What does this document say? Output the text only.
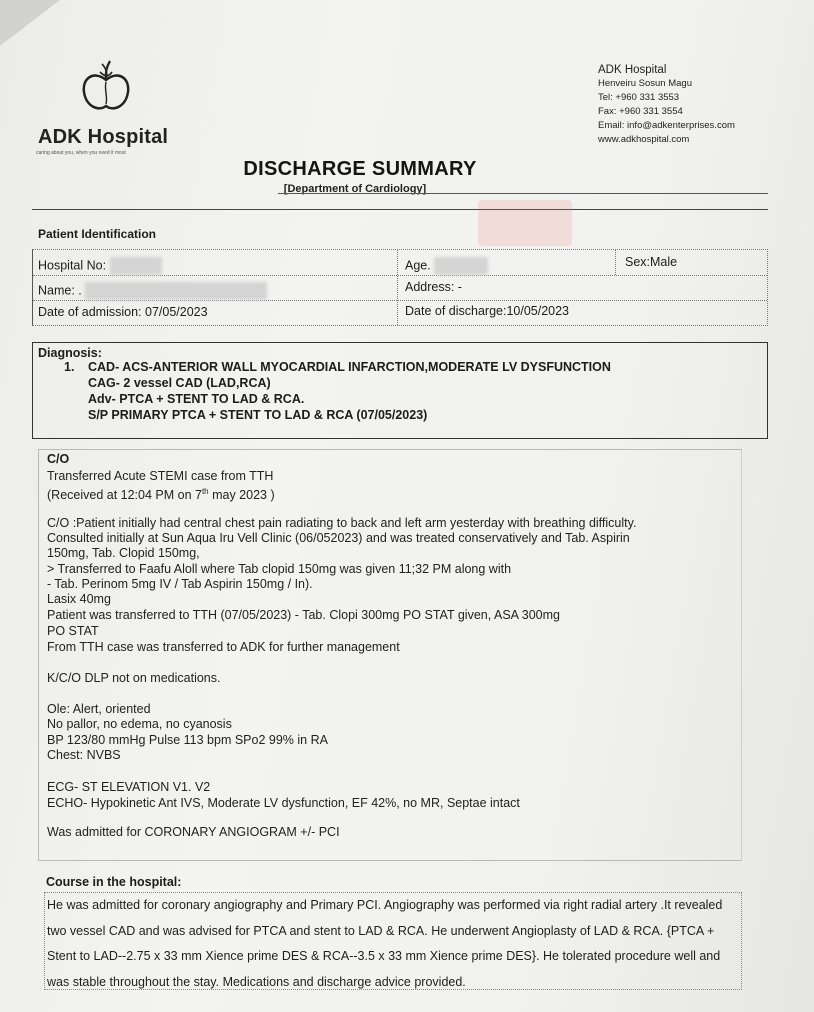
ADK Hospital
caring about you, when you need it most
ADK Hospital
Henveiru Sosun Magu
Tel: +960 331 3553
Fax: +960 331 3554
Email: info@adkenterprises.com
www.adkhospital.com
DISCHARGE SUMMARY
[Department of Cardiology]
Patient Identification
Hospital No:	Age.	Sex:Male
Name: .	Address: -
Date of admission: 07/05/2023	Date of discharge:10/05/2023
Diagnosis:
1. CAD- ACS-ANTERIOR WALL MYOCARDIAL INFARCTION,MODERATE LV DYSFUNCTION
CAG- 2 vessel CAD (LAD,RCA)
Adv- PTCA + STENT TO LAD & RCA.
S/P PRIMARY PTCA + STENT TO LAD & RCA (07/05/2023)
C/O
Transferred Acute STEMI case from TTH
(Received at 12:04 PM on 7th may 2023 )
C/O :Patient initially had central chest pain radiating to back and left arm yesterday with breathing difficulty.
Consulted initially at Sun Aqua Iru Vell Clinic (06/052023) and was treated conservatively and Tab. Aspirin
150mg, Tab. Clopid 150mg,
> Transferred to Faafu Aloll where Tab clopid 150mg was given 11;32 PM along with
- Tab. Perinom 5mg IV / Tab Aspirin 150mg / In).
Lasix 40mg
Patient was transferred to TTH (07/05/2023) - Tab. Clopi 300mg PO STAT given, ASA 300mg
PO STAT
From TTH case was transferred to ADK for further management
K/C/O DLP not on medications.
Ole: Alert, oriented
No pallor, no edema, no cyanosis
BP 123/80 mmHg Pulse 113 bpm SPo2 99% in RA
Chest: NVBS
ECG- ST ELEVATION V1. V2
ECHO- Hypokinetic Ant IVS, Moderate LV dysfunction, EF 42%, no MR, Septae intact
Was admitted for CORONARY ANGIOGRAM +/- PCI
Course in the hospital:
He was admitted for coronary angiography and Primary PCI. Angiography was performed via right radial artery .It revealed two vessel CAD and was advised for PTCA and stent to LAD & RCA. He underwent Angioplasty of LAD & RCA. {PTCA + Stent to LAD--2.75 x 33 mm Xience prime DES & RCA--3.5 x 33 mm Xience prime DES}. He tolerated procedure well and was stable throughout the stay. Medications and discharge advice provided.
